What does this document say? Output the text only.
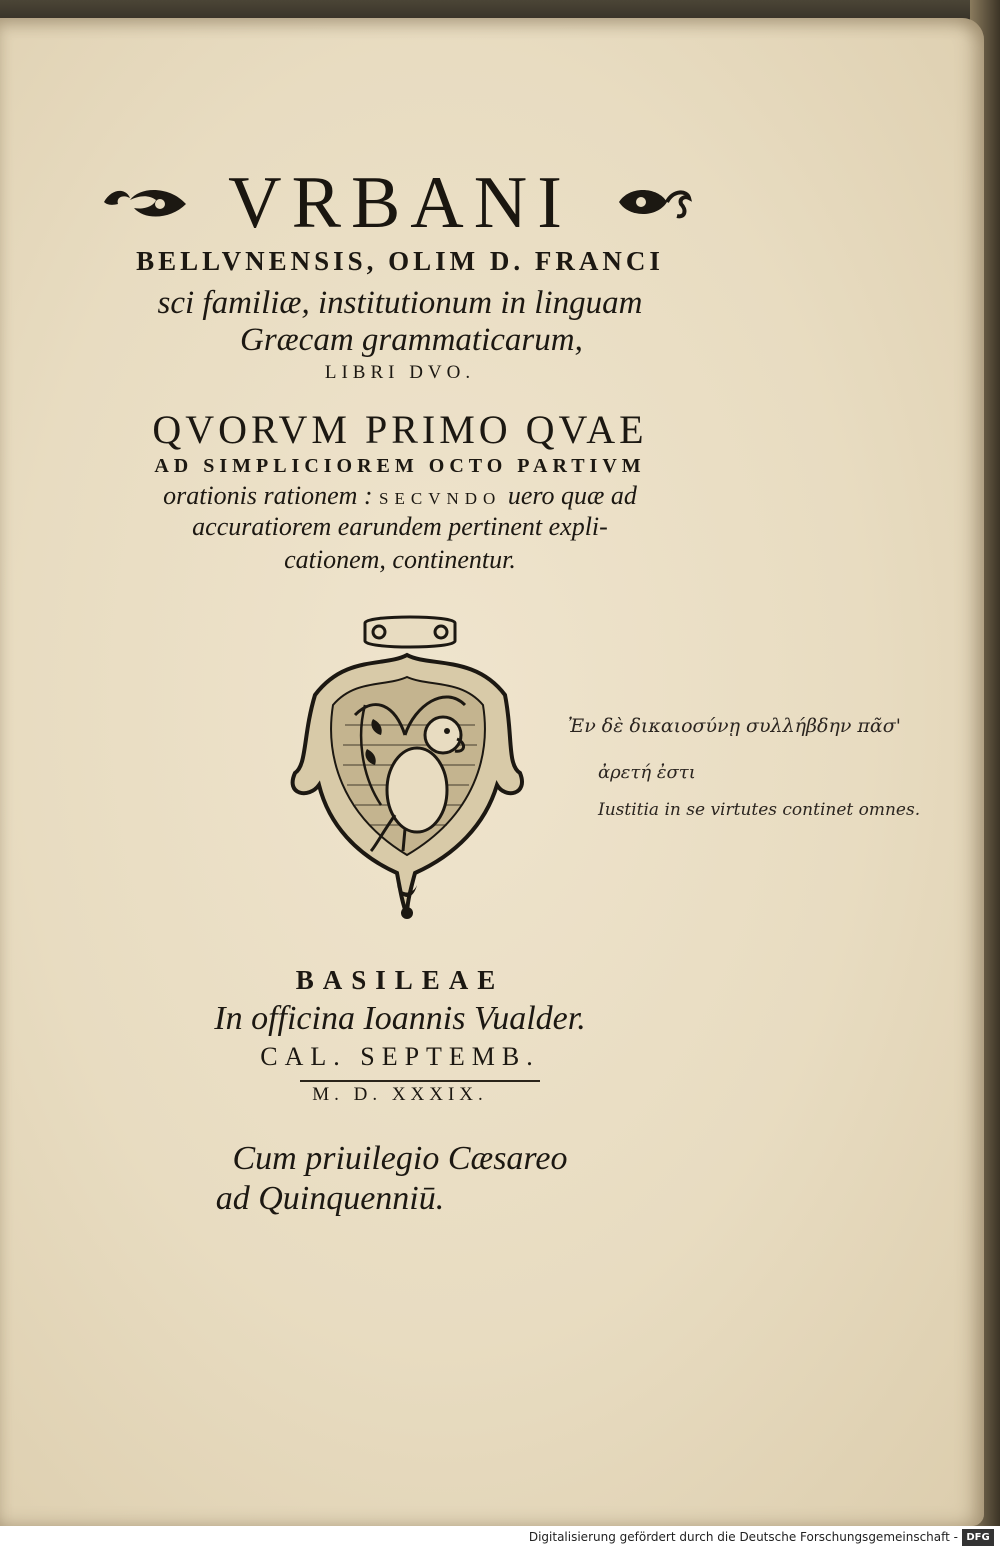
VRBANI
BELLVNENSIS, OLIM D. FRANCI
sci familiæ, institutionum in linguam
Græcam grammaticarum,
LIBRI DVO.
QVORVM PRIMO QVAE
AD SIMPLICIOREM OCTO PARTIVM
orationis rationem : SECVNDO uero quæ ad
accuratiorem earundem pertinent expli-
cationem, continentur.
Ἐν δὲ δικαιοσύνῃ συλλήβδην πᾶσ'
ἀρετή ἐστι
Iustitia in se virtutes continet omnes.
BASILEAE
In officina Ioannis Vualder.
CAL. SEPTEMB.
M. D. XXXIX.
Cum priuilegio Cæsareo
ad Quinquenniū.
Digitalisierung gefördert durch die Deutsche Forschungsgemeinschaft - DFG
